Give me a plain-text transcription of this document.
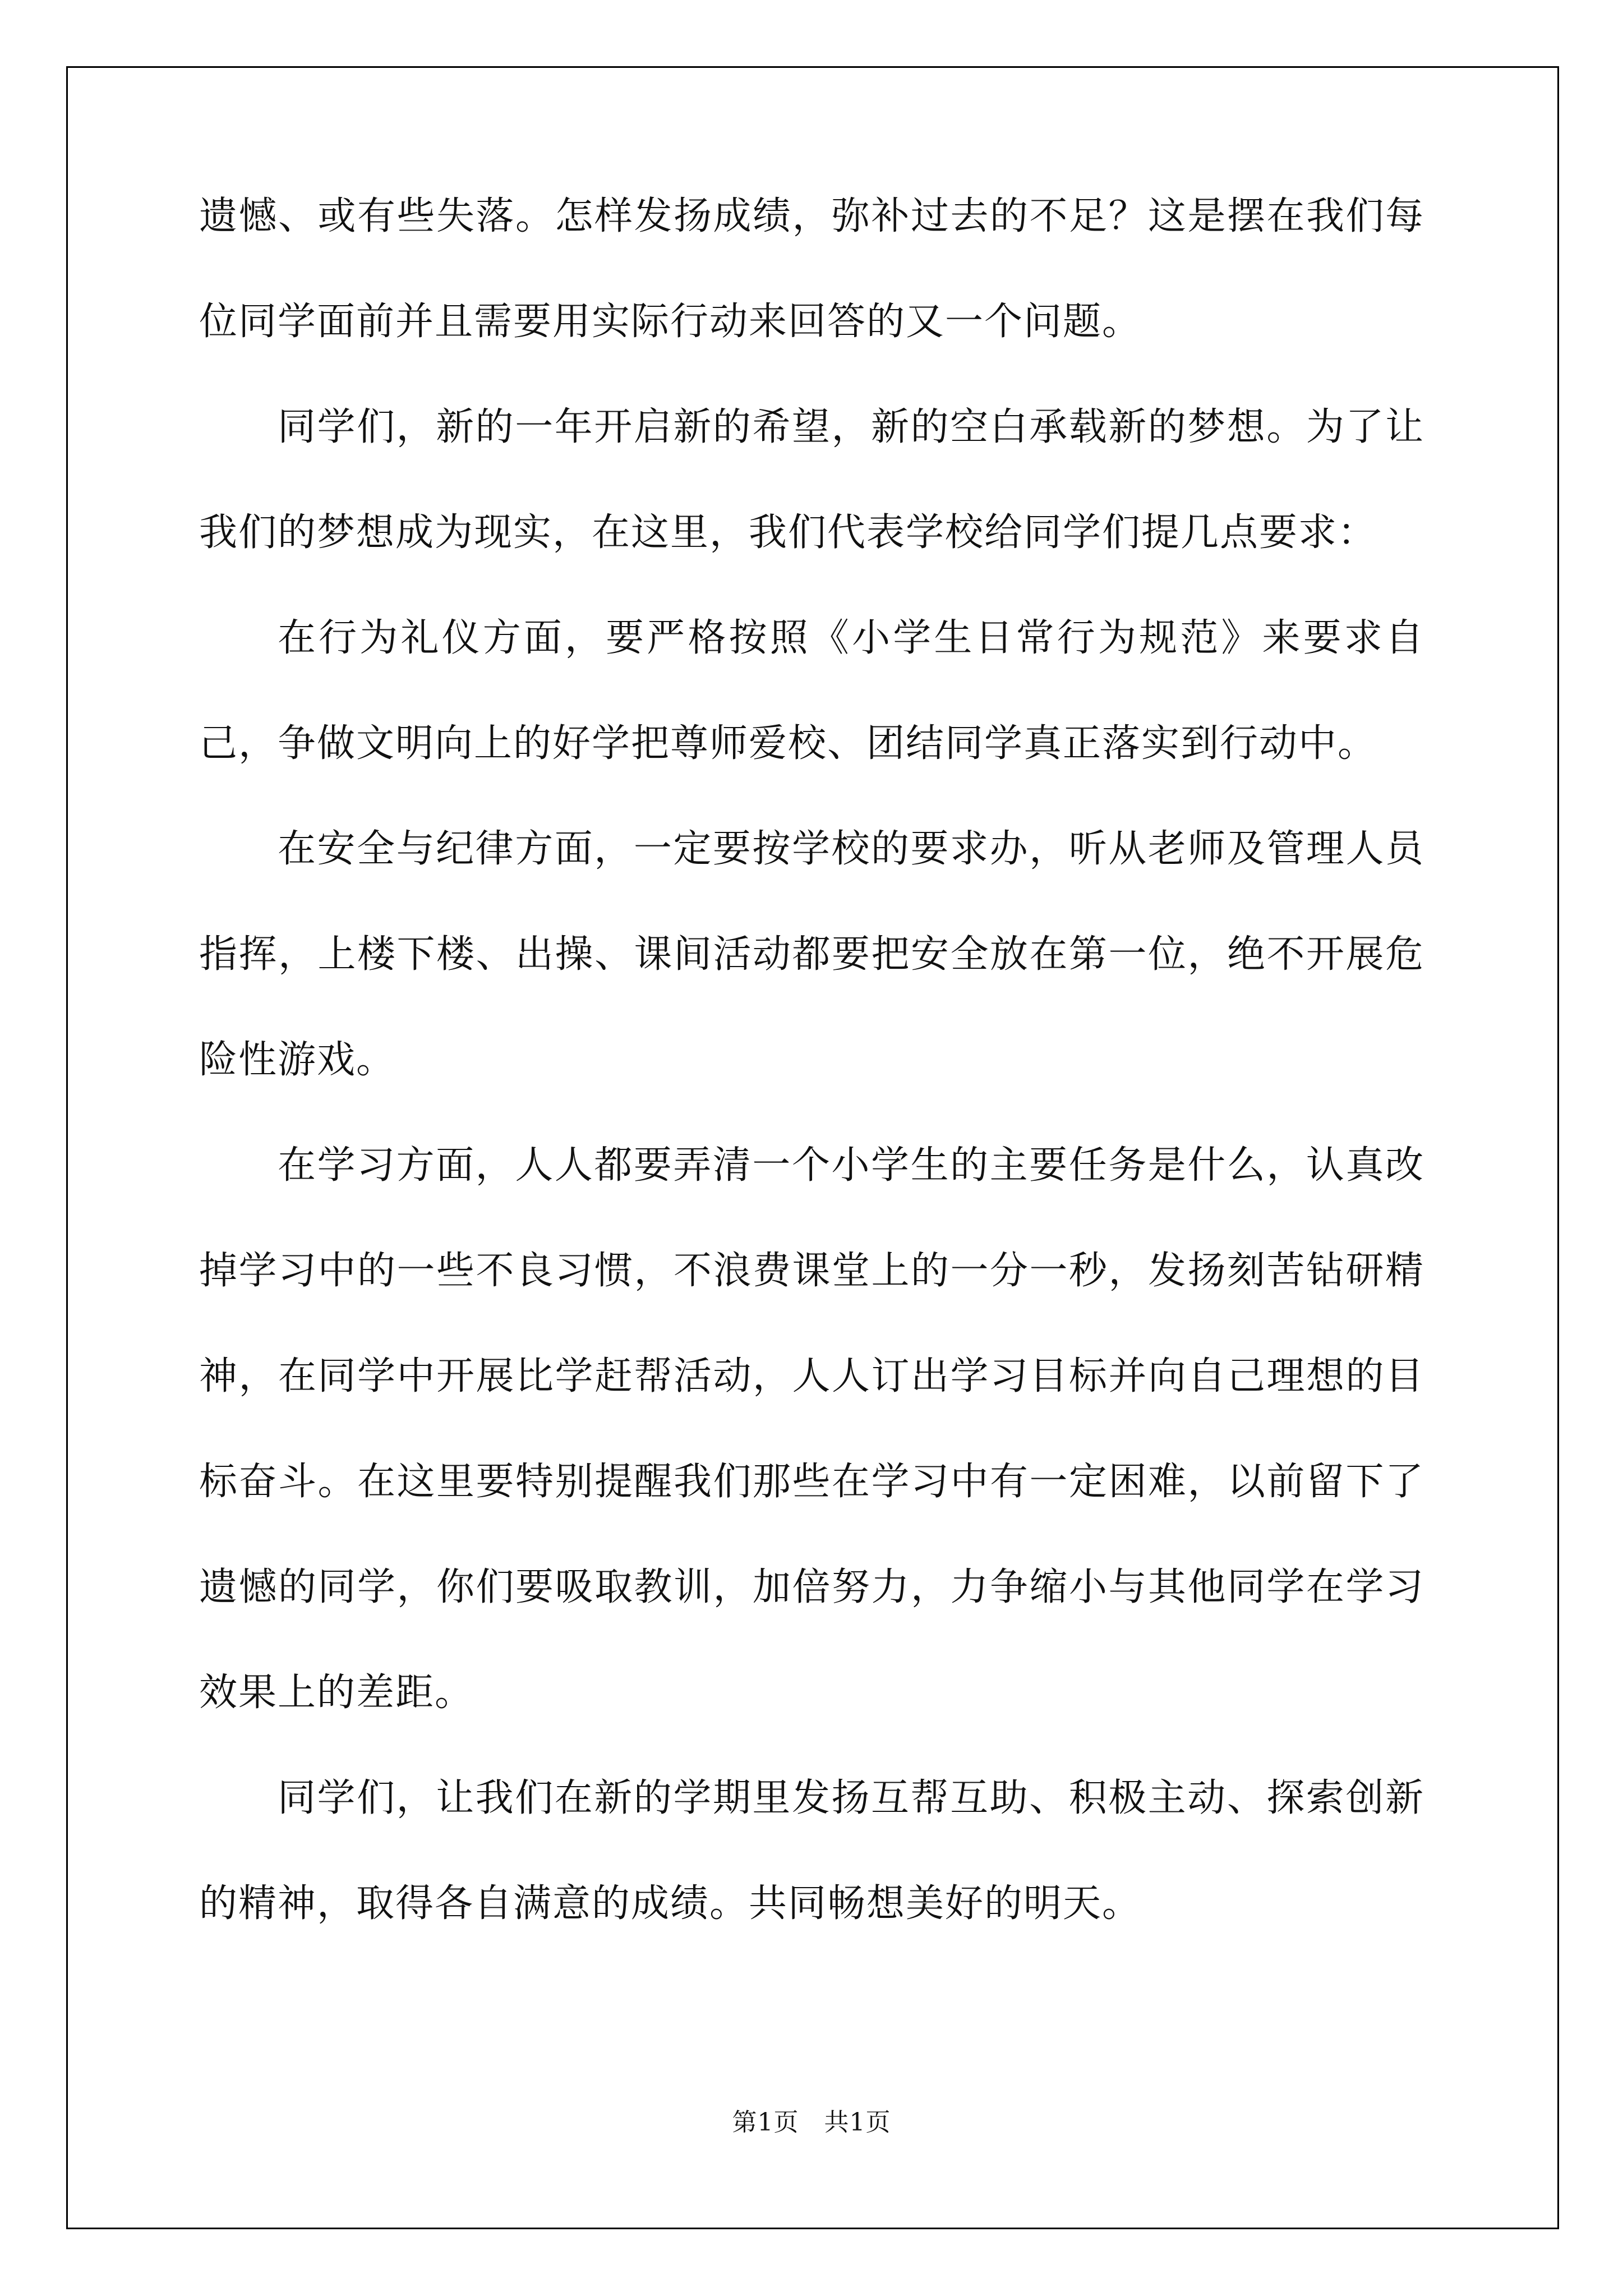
遗憾、或有些失落。怎样发扬成绩，弥补过去的不足？这是摆在我们每位同学面前并且需要用实际行动来回答的又一个问题。

同学们，新的一年开启新的希望，新的空白承载新的梦想。为了让我们的梦想成为现实，在这里，我们代表学校给同学们提几点要求：

在行为礼仪方面，要严格按照《小学生日常行为规范》来要求自己，争做文明向上的好学把尊师爱校、团结同学真正落实到行动中。

在安全与纪律方面，一定要按学校的要求办，听从老师及管理人员指挥，上楼下楼、出操、课间活动都要把安全放在第一位，绝不开展危险性游戏。

在学习方面，人人都要弄清一个小学生的主要任务是什么，认真改掉学习中的一些不良习惯，不浪费课堂上的一分一秒，发扬刻苦钻研精神，在同学中开展比学赶帮活动，人人订出学习目标并向自己理想的目标奋斗。在这里要特别提醒我们那些在学习中有一定困难，以前留下了遗憾的同学，你们要吸取教训，加倍努力，力争缩小与其他同学在学习效果上的差距。

同学们，让我们在新的学期里发扬互帮互助、积极主动、探索创新的精神，取得各自满意的成绩。共同畅想美好的明天。

第1页　共1页
